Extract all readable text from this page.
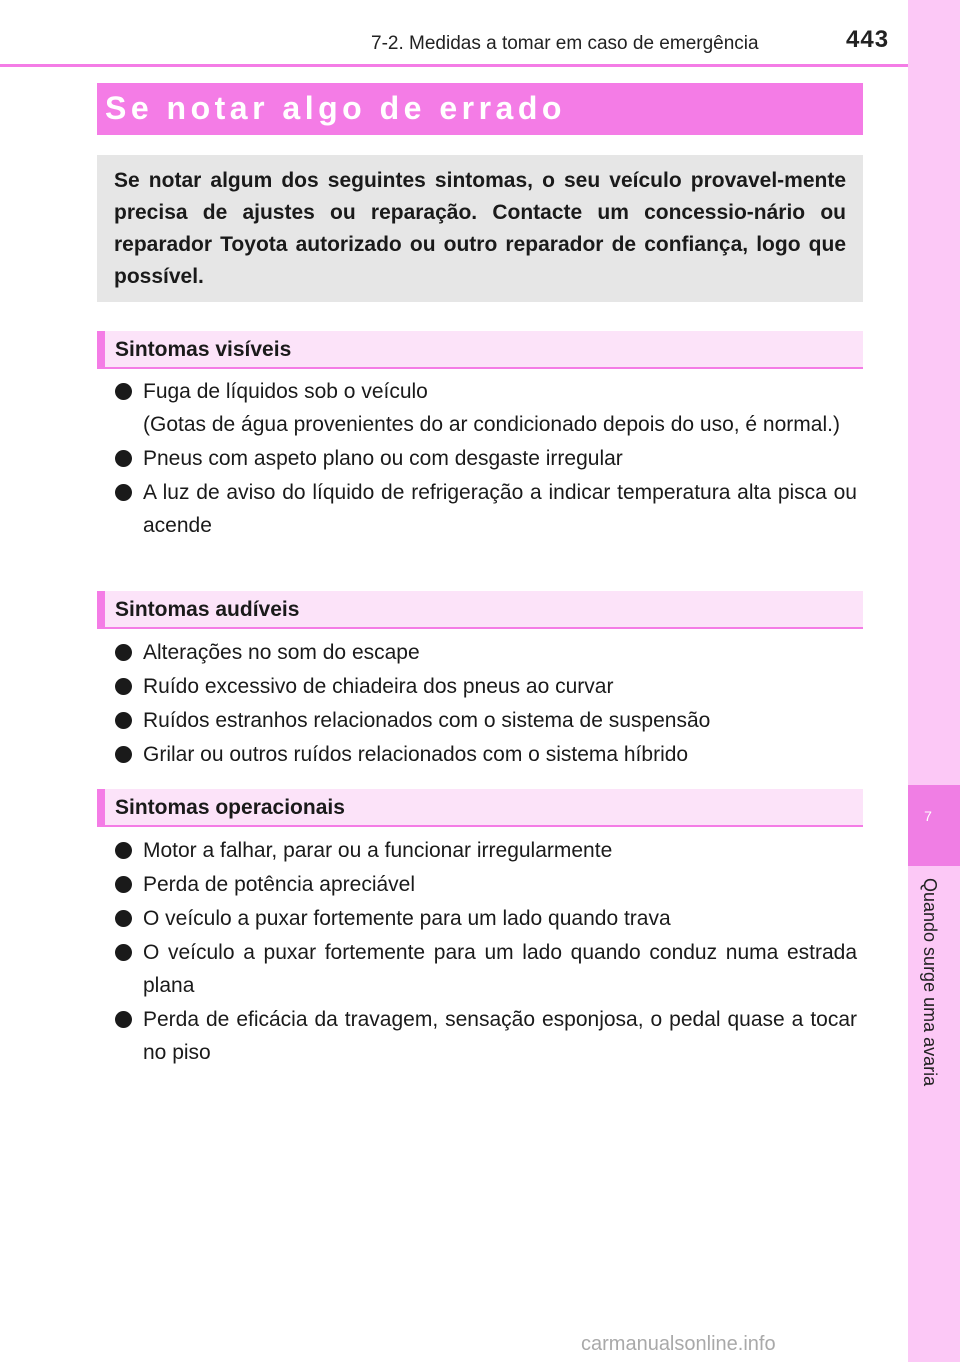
7-2. Medidas a tomar em caso de emergência	443
7
Quando surge uma avaria
Se notar algo de errado

Se notar algum dos seguintes sintomas, o seu veículo provavel-mente precisa de ajustes ou reparação. Contacte um concessio-nário ou reparador Toyota autorizado ou outro reparador de confiança, logo que possível.

Sintomas visíveis
Fuga de líquidos sob o veículo
(Gotas de água provenientes do ar condicionado depois do uso, é normal.)
Pneus com aspeto plano ou com desgaste irregular
A luz de aviso do líquido de refrigeração a indicar temperatura alta pisca ou acende
Sintomas audíveis
Alterações no som do escape
Ruído excessivo de chiadeira dos pneus ao curvar
Ruídos estranhos relacionados com o sistema de suspensão
Grilar ou outros ruídos relacionados com o sistema híbrido
Sintomas operacionais
Motor a falhar, parar ou a funcionar irregularmente
Perda de potência apreciável
O veículo a puxar fortemente para um lado quando trava
O veículo a puxar fortemente para um lado quando conduz numa estrada plana
Perda de eficácia da travagem, sensação esponjosa, o pedal quase a tocar no piso
carmanualsonline.info
